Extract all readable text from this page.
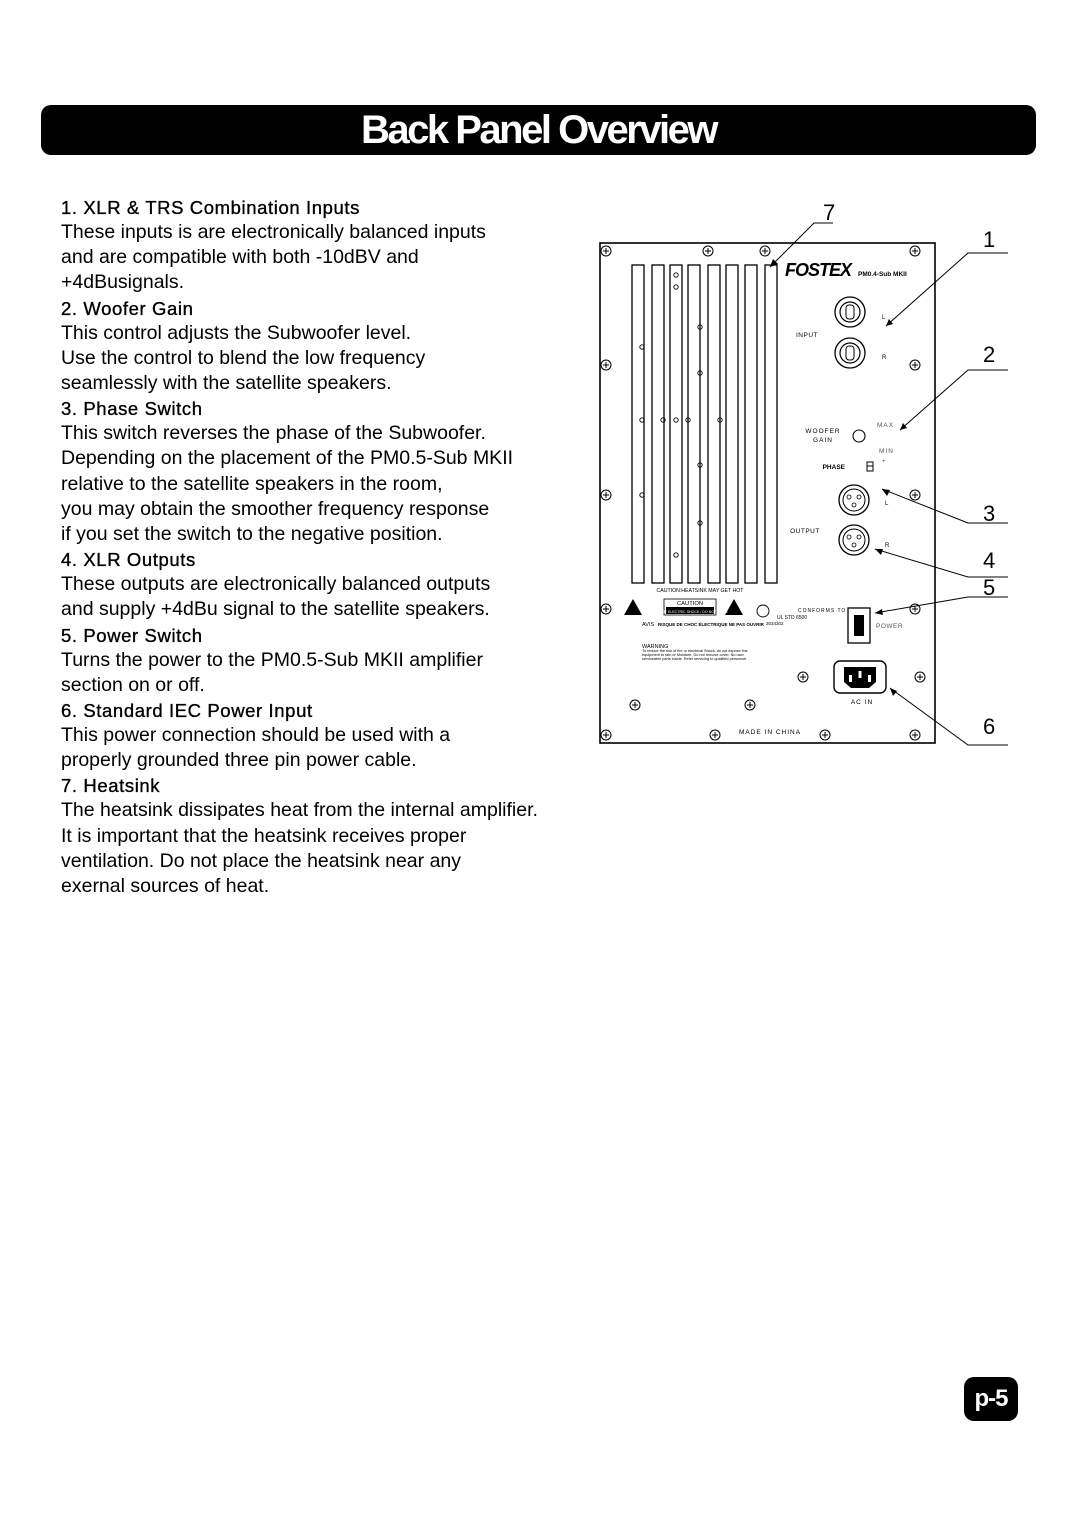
Back Panel Overview
1. XLR & TRS Combination Inputs

These inputs is are electronically balanced inputs

and are compatible with both -10dBV and

+4dBusignals.

2. Woofer Gain

This control adjusts the Subwoofer level.

Use the control to blend the low frequency

seamlessly with the satellite speakers.

3. Phase Switch

This switch reverses the phase of the Subwoofer.

Depending on the placement of the PM0.5-Sub MKII

relative to the satellite speakers in the room,

you may obtain the smoother frequency response

if you set the switch to the negative position.

4. XLR Outputs

These outputs are electronically balanced outputs

and supply +4dBu signal to the satellite speakers.

5. Power Switch

Turns the power to the PM0.5-Sub MKII amplifier

section on or off.

6. Standard IEC Power Input

This power connection should be used with a

properly grounded three pin power cable.

7. Heatsink

The heatsink dissipates heat from the internal amplifier.

It is important that the heatsink receives proper

ventilation. Do not place the heatsink near any

exernal sources of heat.

CAUTION:HEATSINK MAY GET HOT
FOSTEX	PM0.4-Sub MKII
INPUT
L
R
WOOFER
GAIN
MAX
MIN
PHASE
+
OUTPUT
L
R
CAUTION
RISK OF ELECTRIC SHOCK / DO NOT OPEN
AVIS RISQUE DE CHOC ÉLECTRIQUE NE PAS OUVRIR
WARNING
To reduce the risk of fire or electrical Shock, do not expose this equipment to rain or Moisture. Do not remove cover. No user serviceable parts inside. Refer servicing to qualified personnel.
CONFORMS TO
UL STD 6500
3034302	POWER
AC IN
MADE IN CHINA
7
1
2
3
4
5
6
p-5
